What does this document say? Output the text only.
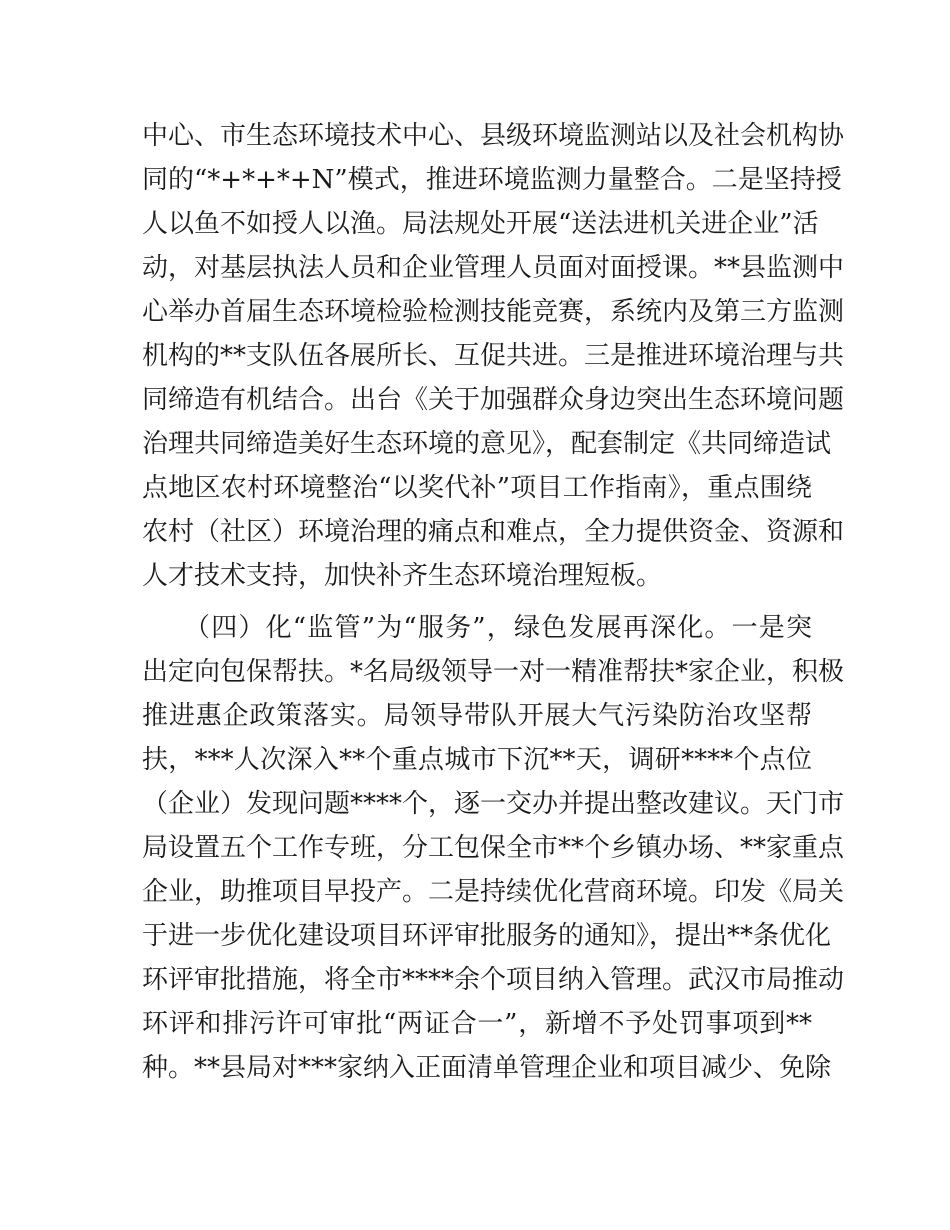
中心、市生态环境技术中心、县级环境监测站以及社会机构协

同的“*+*+*+N”模式，推进环境监测力量整合。二是坚持授

人以鱼不如授人以渔。局法规处开展“送法进机关进企业”活

动，对基层执法人员和企业管理人员面对面授课。**县监测中

心举办首届生态环境检验检测技能竞赛，系统内及第三方监测

机构的**支队伍各展所长、互促共进。三是推进环境治理与共

同缔造有机结合。出台《关于加强群众身边突出生态环境问题

治理共同缔造美好生态环境的意见》，配套制定《共同缔造试

点地区农村环境整治“以奖代补”项目工作指南》，重点围绕

农村（社区）环境治理的痛点和难点，全力提供资金、资源和

人才技术支持，加快补齐生态环境治理短板。

（四）化“监管”为“服务”，绿色发展再深化。一是突

出定向包保帮扶。*名局级领导一对一精准帮扶*家企业，积极

推进惠企政策落实。局领导带队开展大气污染防治攻坚帮

扶，***人次深入**个重点城市下沉**天，调研****个点位

（企业）发现问题****个，逐一交办并提出整改建议。天门市

局设置五个工作专班，分工包保全市**个乡镇办场、**家重点

企业，助推项目早投产。二是持续优化营商环境。印发《局关

于进一步优化建设项目环评审批服务的通知》，提出**条优化

环评审批措施，将全市****余个项目纳入管理。武汉市局推动

环评和排污许可审批“两证合一”，新增不予处罚事项到**

种。**县局对***家纳入正面清单管理企业和项目减少、免除
